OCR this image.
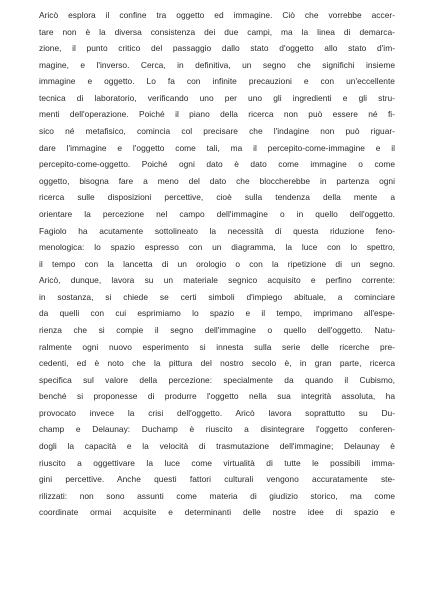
Aricò esplora il confine tra oggetto ed immagine. Ciò che vorrebbe accer-
tare non è la diversa consistenza dei due campi, ma la linea di demarca-
zione, il punto critico del passaggio dallo stato d'oggetto allo stato d'im-
magine, e l'inverso. Cerca, in definitiva, un segno che significhi insieme
immagine e oggetto. Lo fa con infinite precauzioni e con un'eccellente
tecnica di laboratorio, verificando uno per uno gli ingredienti e gli stru-
menti dell'operazione. Poiché il piano della ricerca non può essere né fi-
sico né metafisico, comincia col precisare che l'indagine non può riguar-
dare l'immagine e l'oggetto come tali, ma il percepito-come-immagine e il
percepito-come-oggetto. Poiché ogni dato è dato come immagine o come
oggetto, bisogna fare a meno del dato che bloccherebbe in partenza ogni
ricerca sulle disposizioni percettive, cioè sulla tendenza della mente a
orientare la percezione nel campo dell'immagine o in quello dell'oggetto.
Fagiolo ha acutamente sottolineato la necessità di questa riduzione feno-
menologica: lo spazio espresso con un diagramma, la luce con lo spettro,
il tempo con la lancetta di un orologio o con la ripetizione di un segno.
Aricò, dunque, lavora su un materiale segnico acquisito e perfino corrente:
in sostanza, si chiede se certi simboli d'impiego abituale, a cominciare
da quelli con cui esprimiamo lo spazio e il tempo, imprimano all'espe-
rienza che si compie il segno dell'immagine o quello dell'oggetto. Natu-
ralmente ogni nuovo esperimento si innesta sulla serie delle ricerche pre-
cedenti, ed è noto che la pittura del nostro secolo è, in gran parte, ricerca
specifica sul valore della percezione: specialmente da quando il Cubismo,
benché si proponesse di produrre l'oggetto nella sua integrità assoluta, ha
provocato invece la crisi dell'oggetto. Aricò lavora soprattutto su Du-
champ e Delaunay: Duchamp è riuscito a disintegrare l'oggetto conferen-
dogli la capacità e la velocità di trasmutazione dell'immagine; Delaunay è
riuscito a oggettivare la luce come virtualità di tutte le possibili imma-
gini percettive. Anche questi fattori culturali vengono accuratamente ste-
rilizzati: non sono assunti come materia di giudizio storico, ma come
coordinate ormai acquisite e determinanti delle nostre idee di spazio e
